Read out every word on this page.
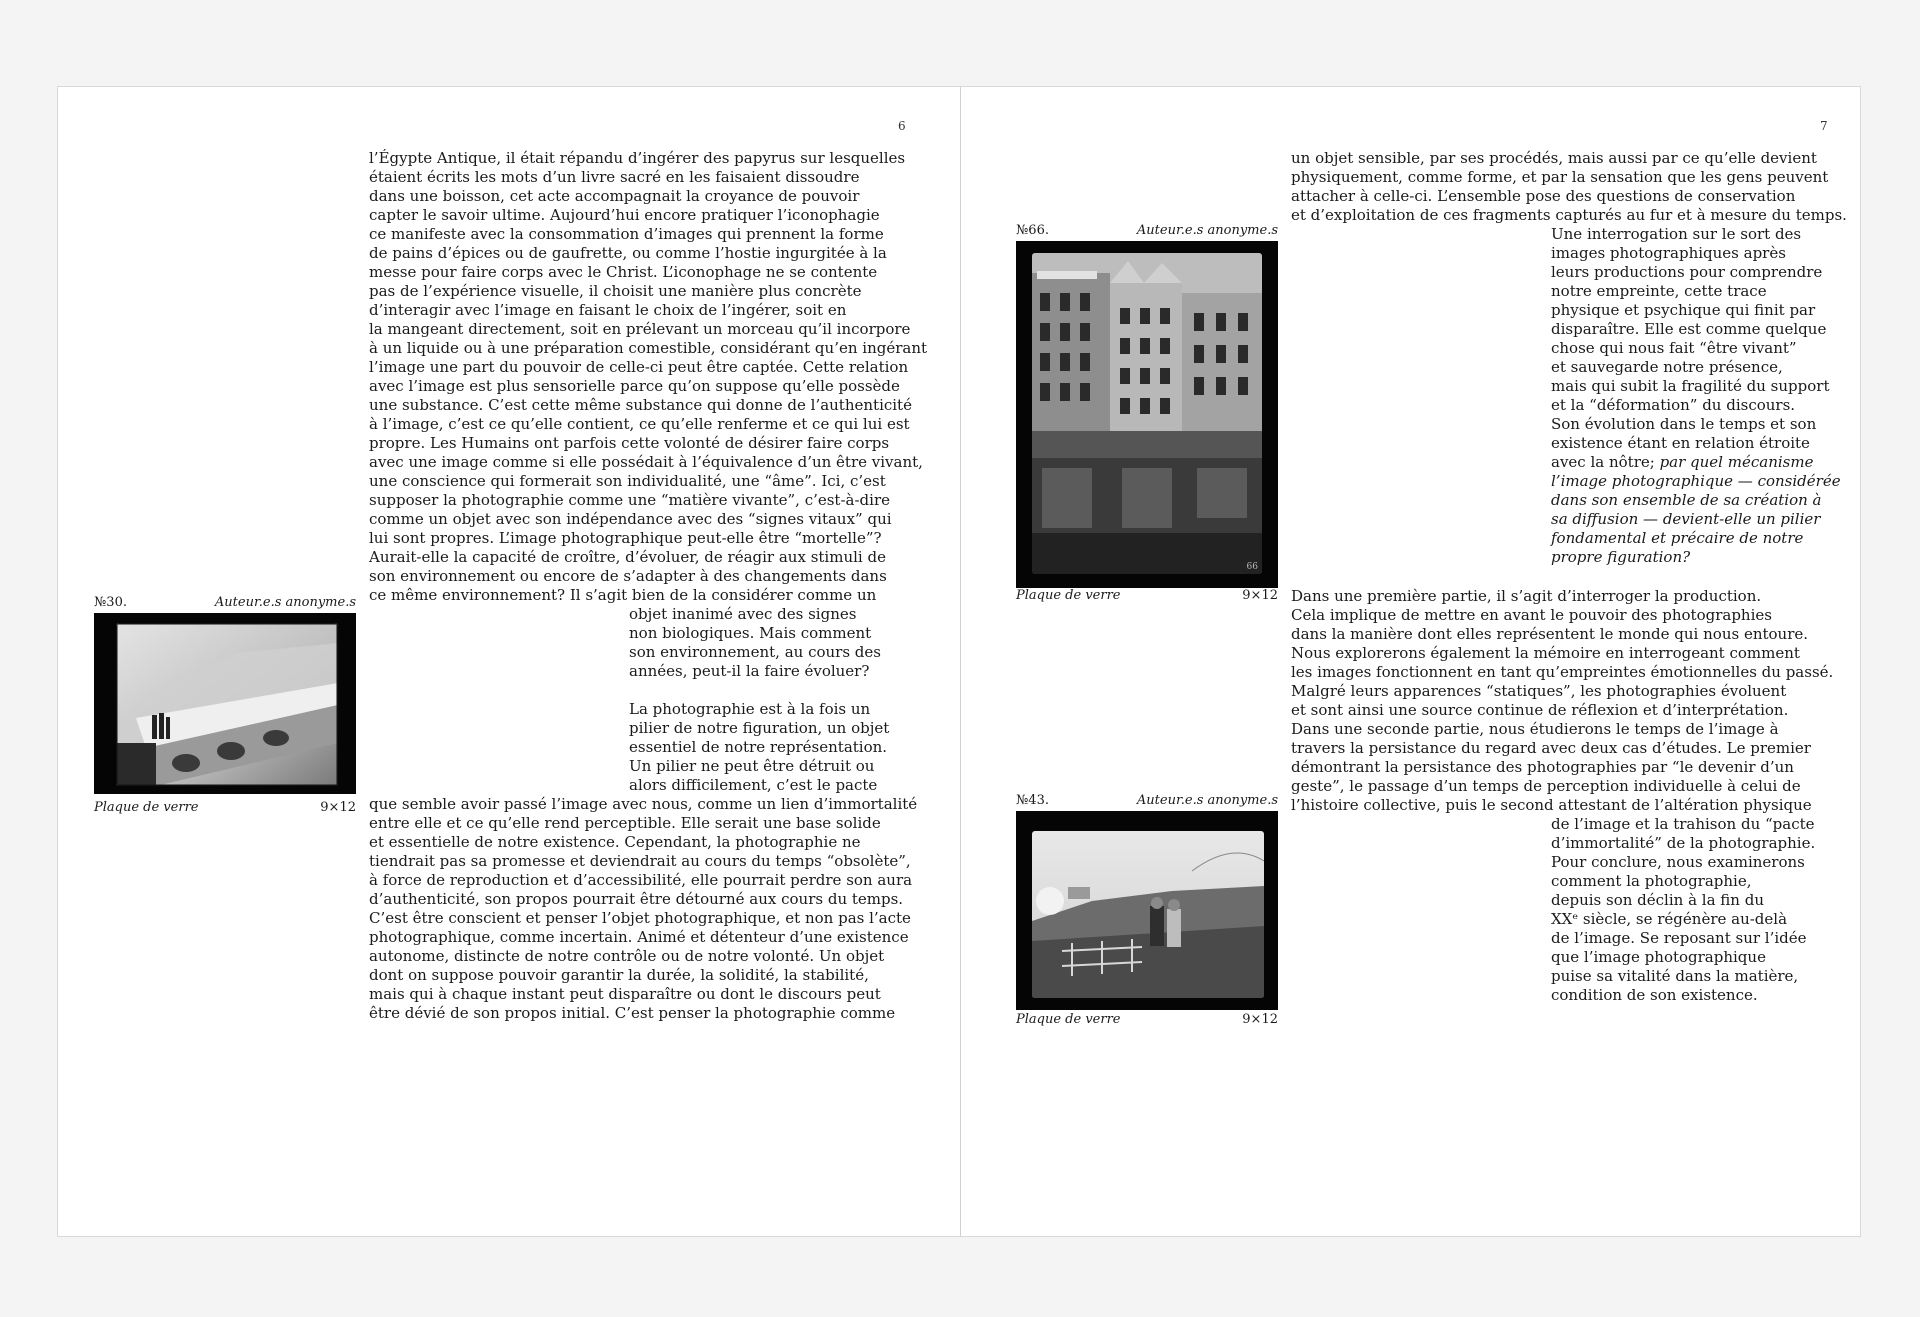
6
l’Égypte Antique, il était répandu d’ingérer des papyrus sur lesquelles
étaient écrits les mots d’un livre sacré en les faisaient dissoudre
dans une boisson, cet acte accompagnait la croyance de pouvoir
capter le savoir ultime. Aujourd’hui encore pratiquer l’iconophagie
ce manifeste avec la consommation d’images qui prennent la forme
de pains d’épices ou de gaufrette, ou comme l’hostie ingurgitée à la
messe pour faire corps avec le Christ. L’iconophage ne se contente
pas de l’expérience visuelle, il choisit une manière plus concrète
d’interagir avec l’image en faisant le choix de l’ingérer, soit en
la mangeant directement, soit en prélevant un morceau qu’il incorpore
à un liquide ou à une préparation comestible, considérant qu’en ingérant
l’image une part du pouvoir de celle-ci peut être captée. Cette relation
avec l’image est plus sensorielle parce qu’on suppose qu’elle possède
une substance. C’est cette même substance qui donne de l’authenticité
à l’image, c’est ce qu’elle contient, ce qu’elle renferme et ce qui lui est
propre. Les Humains ont parfois cette volonté de désirer faire corps
avec une image comme si elle possédait à l’équivalence d’un être vivant,
une conscience qui formerait son individualité, une “âme”. Ici, c’est
supposer la photographie comme une “matière vivante”, c’est-à-dire
comme un objet avec son indépendance avec des “signes vitaux” qui
lui sont propres. L’image photographique peut-elle être “mortelle”?
Aurait-elle la capacité de croître, d’évoluer, de réagir aux stimuli de
son environnement ou encore de s’adapter à des changements dans
ce même environnement? Il s’agit bien de la considérer comme un
objet inanimé avec des signes
non biologiques. Mais comment
son environnement, au cours des
années, peut-il la faire évoluer?

La photographie est à la fois un
pilier de notre figuration, un objet
essentiel de notre représentation.
Un pilier ne peut être détruit ou
alors difficilement, c’est le pacte
que semble avoir passé l’image avec nous, comme un lien d’immortalité
entre elle et ce qu’elle rend perceptible. Elle serait une base solide
et essentielle de notre existence. Cependant, la photographie ne
tiendrait pas sa promesse et deviendrait au cours du temps “obsolète”,
à force de reproduction et d’accessibilité, elle pourrait perdre son aura
d’authenticité, son propos pourrait être détourné aux cours du temps.
C’est être conscient et penser l’objet photographique, et non pas l’acte
photographique, comme incertain. Animé et détenteur d’une existence
autonome, distincte de notre contrôle ou de notre volonté. Un objet
dont on suppose pouvoir garantir la durée, la solidité, la stabilité,
mais qui à chaque instant peut disparaître ou dont le discours peut
être dévié de son propos initial. C’est penser la photographie comme
№30.	Auteur.e.s anonyme.s
Plaque de verre	9×12
7
un objet sensible, par ses procédés, mais aussi par ce qu’elle devient
physiquement, comme forme, et par la sensation que les gens peuvent
attacher à celle-ci. L’ensemble pose des questions de conservation
et d’exploitation de ces fragments capturés au fur et à mesure du temps.
Une interrogation sur le sort des
images photographiques après
leurs productions pour comprendre
notre empreinte, cette trace
physique et psychique qui finit par
disparaître. Elle est comme quelque
chose qui nous fait “être vivant”
et sauvegarde notre présence,
mais qui subit la fragilité du support
et la “déformation” du discours.
Son évolution dans le temps et son
existence étant en relation étroite
avec la nôtre; par quel mécanisme
l’image photographique — considérée
dans son ensemble de sa création à
sa diffusion — devient-elle un pilier
fondamental et précaire de notre
propre figuration?
Dans une première partie, il s’agit d’interroger la production.
Cela implique de mettre en avant le pouvoir des photographies
dans la manière dont elles représentent le monde qui nous entoure.
Nous explorerons également la mémoire en interrogeant comment
les images fonctionnent en tant qu’empreintes émotionnelles du passé.
Malgré leurs apparences “statiques”, les photographies évoluent
et sont ainsi une source continue de réflexion et d’interprétation.
Dans une seconde partie, nous étudierons le temps de l’image à
travers la persistance du regard avec deux cas d’études. Le premier
démontrant la persistance des photographies par “le devenir d’un
geste”, le passage d’un temps de perception individuelle à celui de
l’histoire collective, puis le second attestant de l’altération physique
de l’image et la trahison du “pacte
d’immortalité” de la photographie.
Pour conclure, nous examinerons
comment la photographie,
depuis son déclin à la fin du
XXᵉ siècle, se régénère au-delà
de l’image. Se reposant sur l’idée
que l’image photographique
puise sa vitalité dans la matière,
condition de son existence.
№66.	Auteur.e.s anonyme.s
66
Plaque de verre	9×12
№43.	Auteur.e.s anonyme.s
Plaque de verre	9×12
